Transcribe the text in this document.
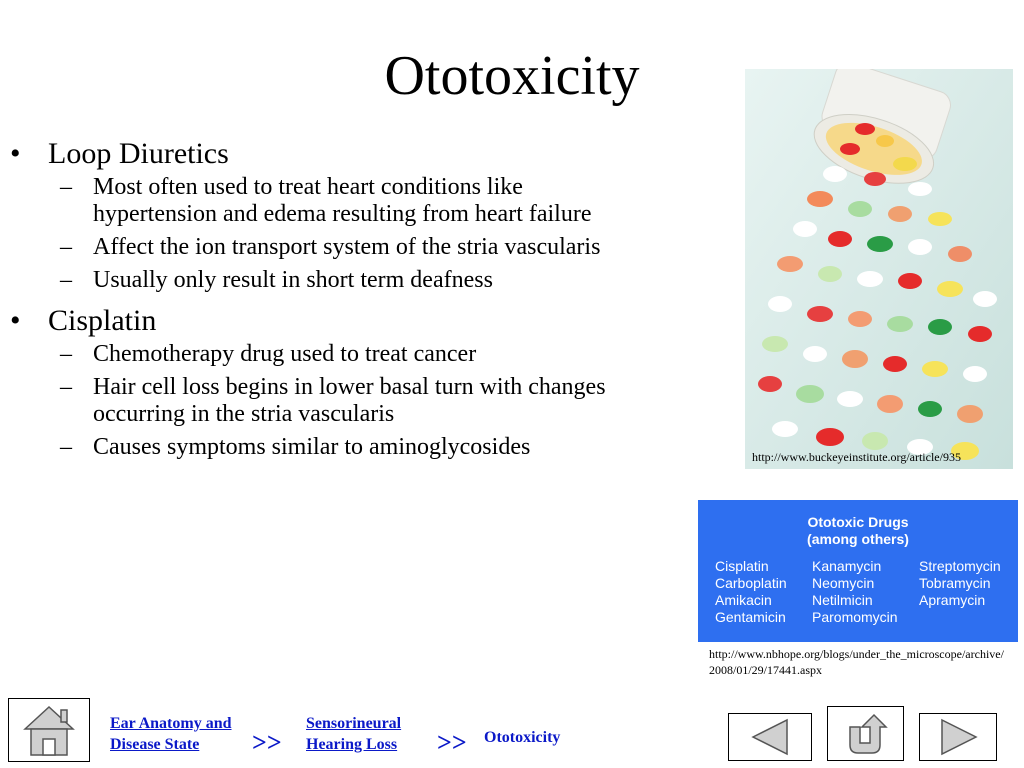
Ototoxicity
• Loop Diuretics
– Most often used to treat heart conditions like hypertension and edema resulting from heart failure
– Affect the ion transport system of the stria vascularis
– Usually only result in short term deafness
• Cisplatin
– Chemotherapy drug used to treat cancer
– Hair cell loss begins in lower basal turn with changes occurring in the stria vascularis
– Causes symptoms similar to aminoglycosides	http://www.buckeyeinstitute.org/article/935
Ototoxic Drugs
(among others)
Cisplatin
Carboplatin
Amikacin
Gentamicin
Kanamycin
Neomycin
Netilmicin
Paromomycin
Streptomycin
Tobramycin
Apramycin
http://www.nbhope.org/blogs/under_the_microscope/archive/2008/01/29/17441.aspx
Ear Anatomy and
Disease State	>>
Sensorineural
Hearing Loss >> Ototoxicity
